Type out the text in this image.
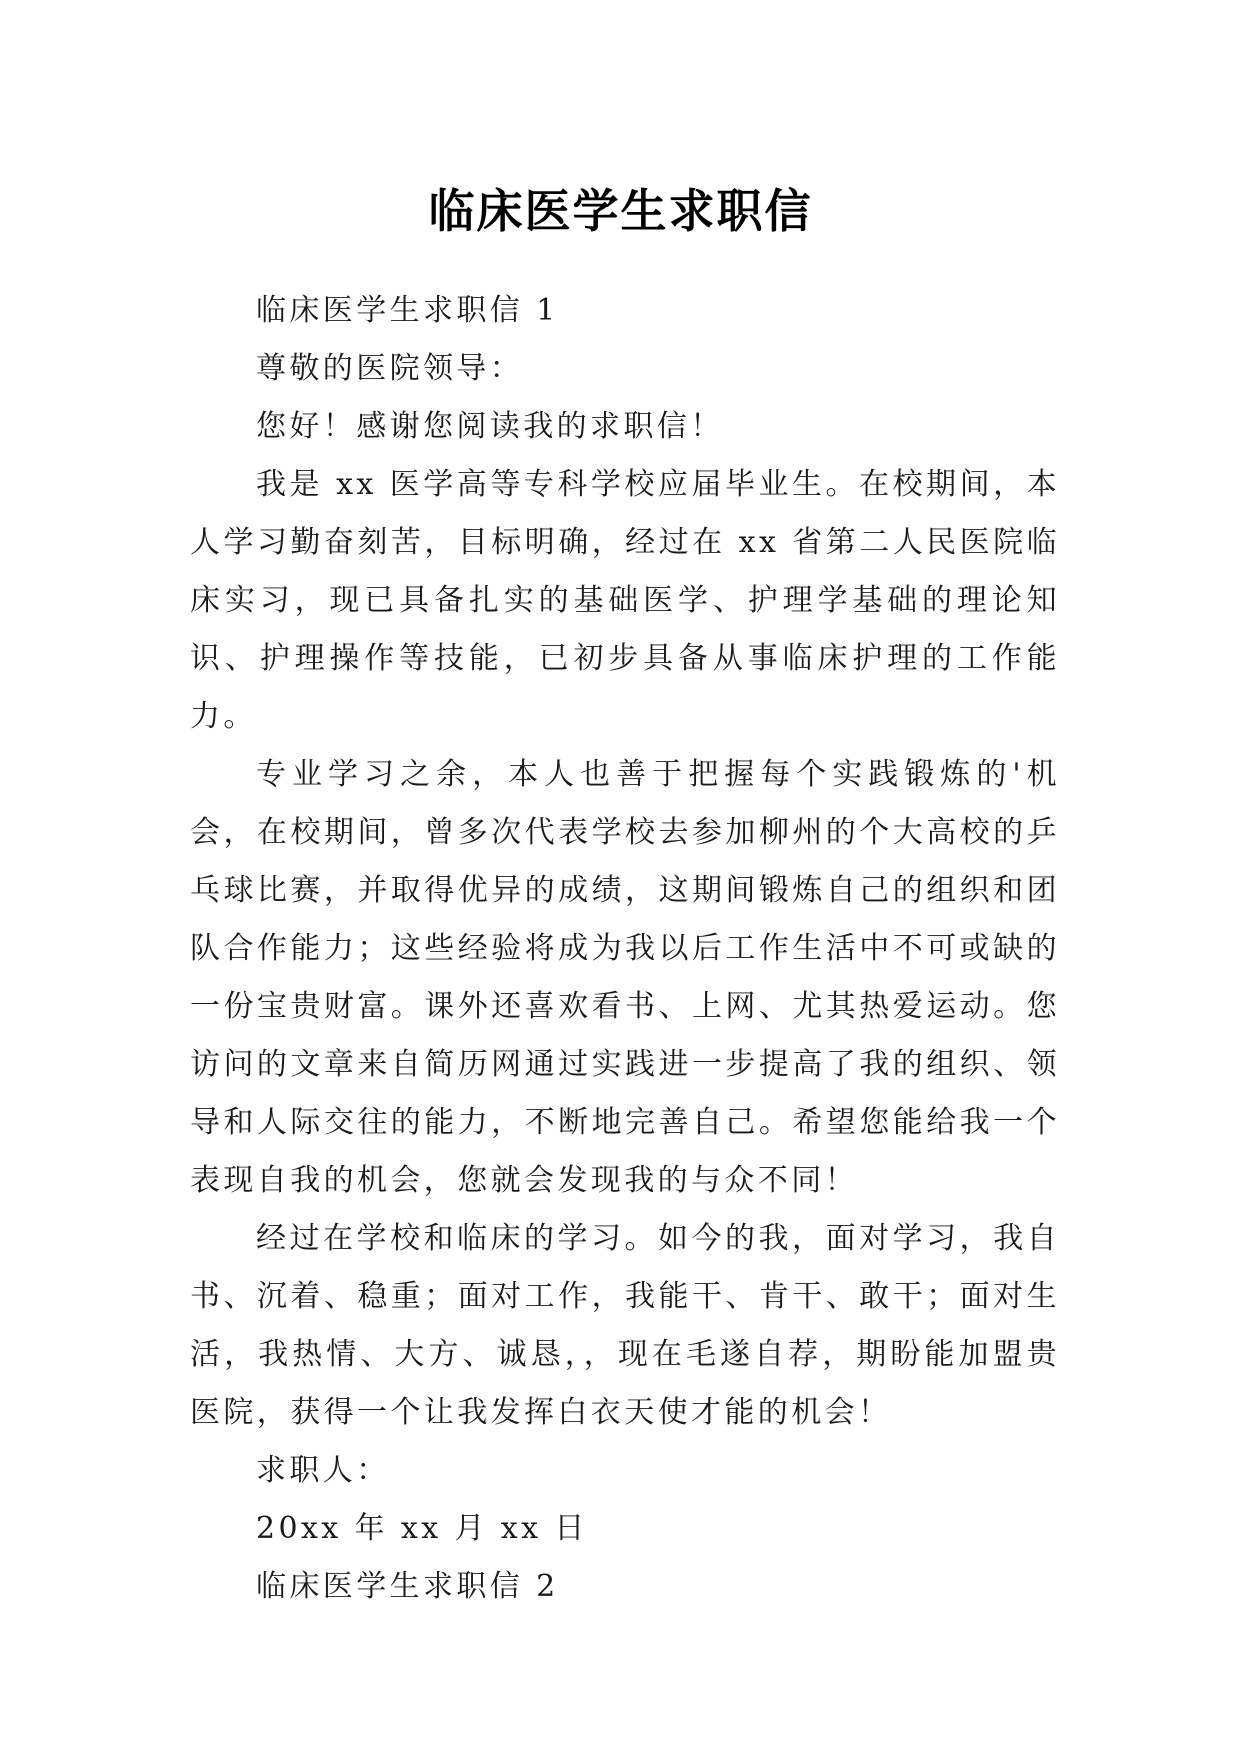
临床医学生求职信

临床医学生求职信 1

尊敬的医院领导：

您好！感谢您阅读我的求职信！

我是 xx 医学高等专科学校应届毕业生。在校期间，本人学习勤奋刻苦，目标明确，经过在 xx 省第二人民医院临床实习，现已具备扎实的基础医学、护理学基础的理论知识、护理操作等技能，已初步具备从事临床护理的工作能力。

专业学习之余，本人也善于把握每个实践锻炼的'机会，在校期间，曾多次代表学校去参加柳州的个大高校的乒乓球比赛，并取得优异的成绩，这期间锻炼自己的组织和团队合作能力；这些经验将成为我以后工作生活中不可或缺的一份宝贵财富。课外还喜欢看书、上网、尤其热爱运动。您访问的文章来自简历网通过实践进一步提高了我的组织、领导和人际交往的能力，不断地完善自己。希望您能给我一个表现自我的机会，您就会发现我的与众不同！

经过在学校和临床的学习。如今的我，面对学习，我自书、沉着、稳重；面对工作，我能干、肯干、敢干；面对生活，我热情、大方、诚恳，，现在毛遂自荐，期盼能加盟贵医院，获得一个让我发挥白衣天使才能的机会！

求职人：

20xx 年 xx 月 xx 日

临床医学生求职信 2
